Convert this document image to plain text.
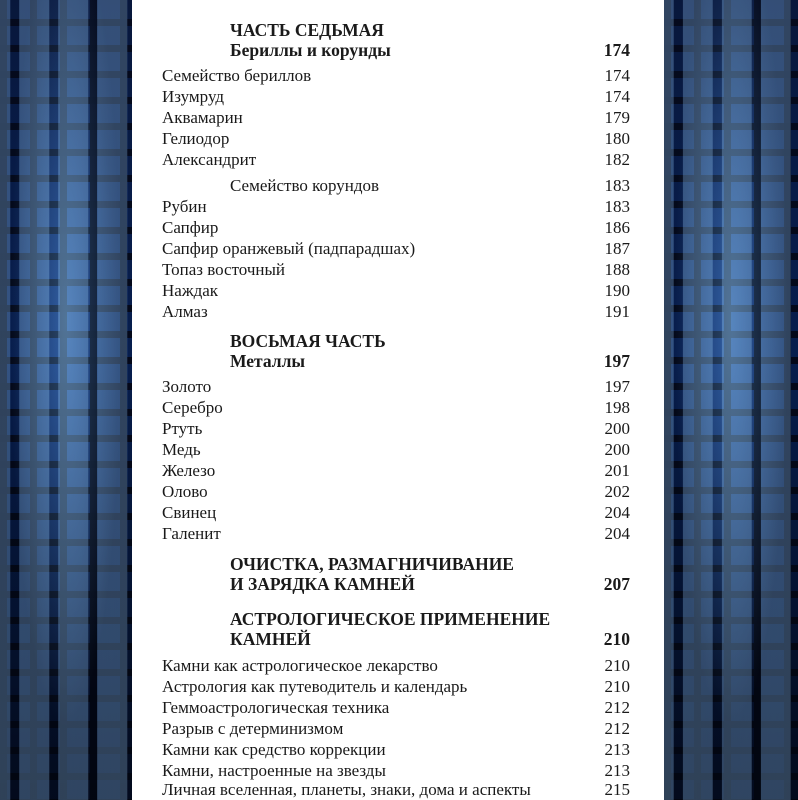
ЧАСТЬ СЕДЬМАЯ
Бериллы и корунды	174
Семейство бериллов	174
Изумруд	174
Аквамарин	179
Гелиодор	180
Александрит	182
Семейство корундов	183
Рубин	183
Сапфир	186
Сапфир оранжевый (падпарадшах)	187
Топаз восточный	188
Наждак	190
Алмаз	191
ВОСЬМАЯ ЧАСТЬ
Металлы	197
Золото	197
Серебро	198
Ртуть	200
Медь	200
Железо	201
Олово	202
Свинец	204
Галенит	204
ОЧИСТКА, РАЗМАГНИЧИВАНИЕ
И ЗАРЯДКА КАМНЕЙ	207
АСТРОЛОГИЧЕСКОЕ ПРИМЕНЕНИЕ
КАМНЕЙ	210
Камни как астрологическое лекарство	210
Астрология как путеводитель и календарь	210
Геммоастрологическая техника	212
Разрыв с детерминизмом	212
Камни как средство коррекции	213
Камни, настроенные на звезды	213
Личная вселенная, планеты, знаки, дома и аспекты	215
